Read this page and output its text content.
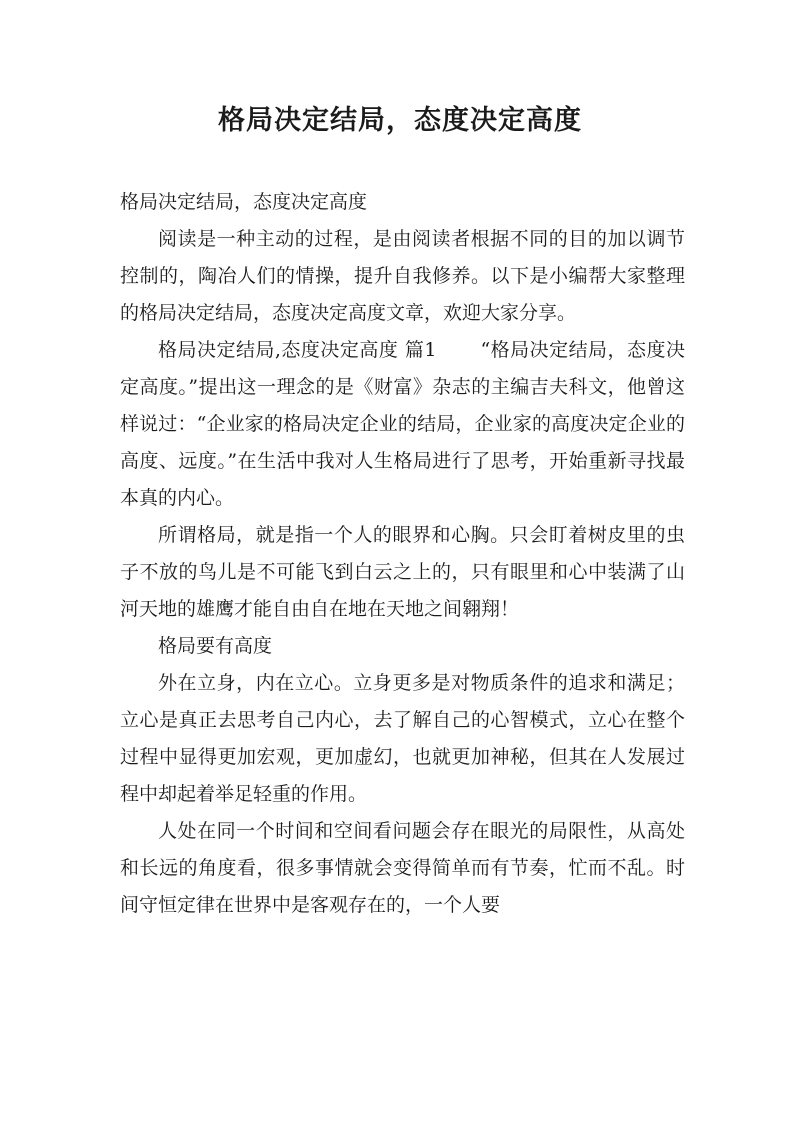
格局决定结局，态度决定高度

格局决定结局，态度决定高度

阅读是一种主动的过程，是由阅读者根据不同的目的加以调节控制的，陶冶人们的情操，提升自我修养。以下是小编帮大家整理的格局决定结局，态度决定高度文章，欢迎大家分享。

格局决定结局,态度决定高度 篇1 “格局决定结局，态度决定高度。”提出这一理念的是《财富》杂志的主编吉夫科文，他曾这样说过：“企业家的格局决定企业的结局，企业家的高度决定企业的高度、远度。”在生活中我对人生格局进行了思考，开始重新寻找最本真的内心。

所谓格局，就是指一个人的眼界和心胸。只会盯着树皮里的虫子不放的鸟儿是不可能飞到白云之上的，只有眼里和心中装满了山河天地的雄鹰才能自由自在地在天地之间翱翔！

格局要有高度

外在立身，内在立心。立身更多是对物质条件的追求和满足；立心是真正去思考自己内心，去了解自己的心智模式，立心在整个过程中显得更加宏观，更加虚幻，也就更加神秘，但其在人发展过程中却起着举足轻重的作用。

人处在同一个时间和空间看问题会存在眼光的局限性，从高处和长远的角度看，很多事情就会变得简单而有节奏，忙而不乱。时间守恒定律在世界中是客观存在的，一个人要
